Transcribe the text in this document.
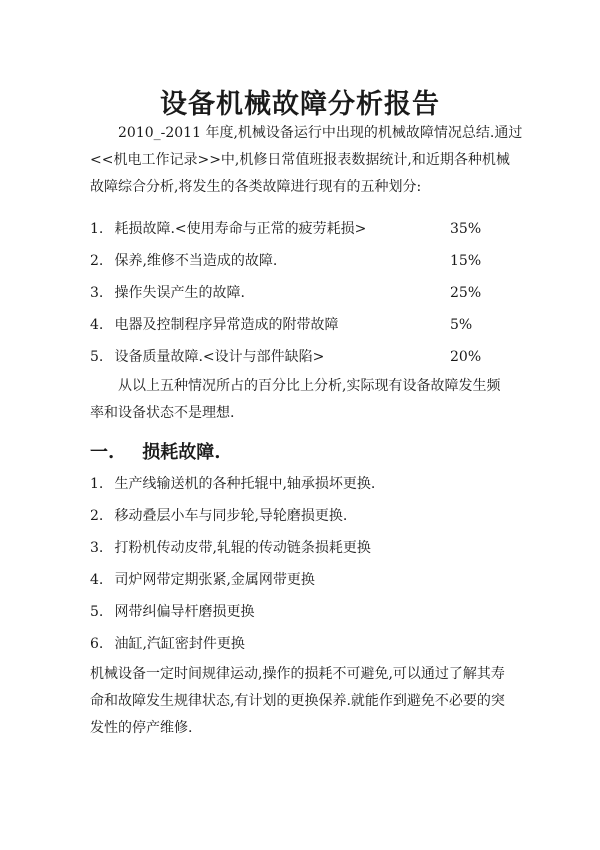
设备机械故障分析报告
2010_-2011 年度,机械设备运行中出现的机械故障情况总结.通过
<<机电工作记录>>中,机修日常值班报表数据统计,和近期各种机械
故障综合分析,将发生的各类故障进行现有的五种划分:
1. 耗损故障.<使用寿命与正常的疲劳耗损>	35%
2. 保养,维修不当造成的故障.	15%
3. 操作失误产生的故障.	25%
4. 电器及控制程序异常造成的附带故障	5%
5. 设备质量故障.<设计与部件缺陷>	20%
从以上五种情况所占的百分比上分析,实际现有设备故障发生频
率和设备状态不是理想.
一. 损耗故障.
1. 生产线输送机的各种托辊中,轴承损坏更换.
2. 移动叠层小车与同步轮,导轮磨损更换.
3. 打粉机传动皮带,轧辊的传动链条损耗更换
4. 司炉网带定期张紧,金属网带更换
5. 网带纠偏导杆磨损更换
6. 油缸,汽缸密封件更换
机械设备一定时间规律运动,操作的损耗不可避免,可以通过了解其寿
命和故障发生规律状态,有计划的更换保养.就能作到避免不必要的突
发性的停产维修.
